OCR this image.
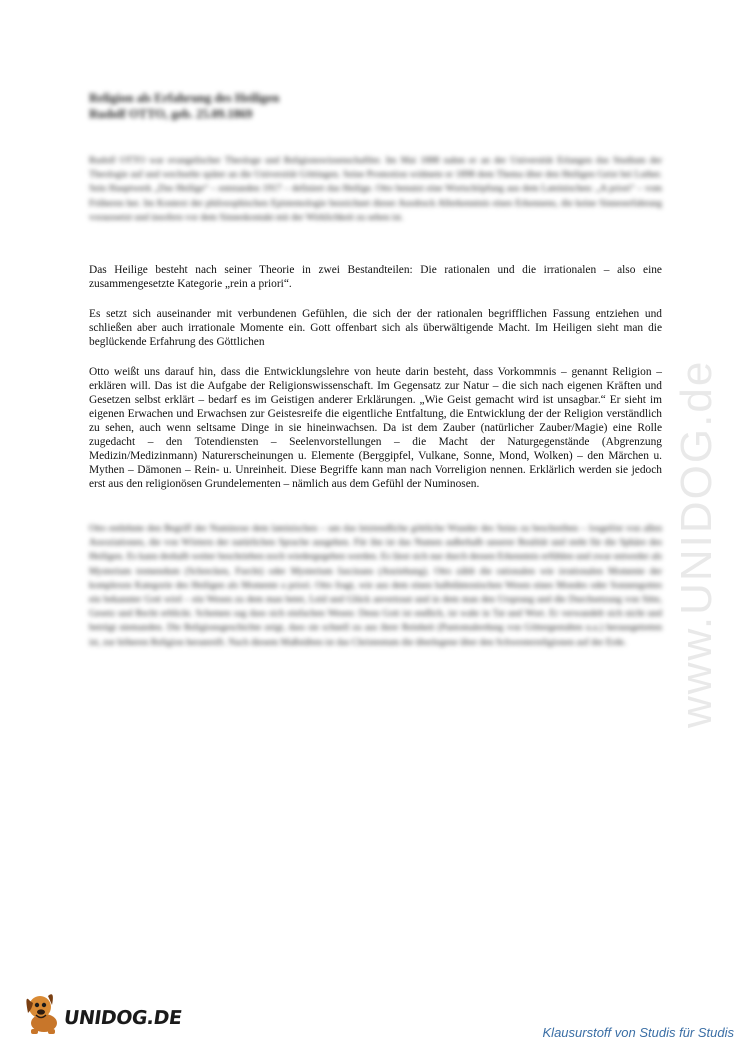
www.UNIDOG.de
Religion als Erfahrung des Heiligen
Rudolf OTTO, geb. 25.09.1869
Rudolf OTTO war evangelischer Theologe und Religionswissenschaftler. Im Mai 1888 nahm er an der Universität Erlangen das Studium der Theologie auf und wechselte später an die Universität Göttingen. Seine Promotion widmete er 1898 dem Thema über den Heiligen Geist bei Luther. Sein Hauptwerk „Das Heilige“ – entstanden 1917 – definiert das Heilige. Otto benutzt eine Wortschöpfung aus dem Lateinischen: „A priori“ – vom Früheren her. Im Kontext der philosophischen Epistemologie bezeichnet dieser Ausdruck Allerkenntnis eines Erkennens, die keine Sinneserfahrung voraussetzt und insofern vor dem Sinneskontakt mit der Wirklichkeit zu sehen ist.
Das Heilige besteht nach seiner Theorie in zwei Bestandteilen: Die rationalen und die irrationalen – also eine zusammengesetzte Kategorie „rein a priori“.
Es setzt sich auseinander mit verbundenen Gefühlen, die sich der der rationalen begrifflichen Fassung entziehen und schließen aber auch irrationale Momente ein. Gott offenbart sich als überwältigende Macht. Im Heiligen sieht man die beglückende Erfahrung des Göttlichen
Otto weißt uns darauf hin, dass die Entwicklungslehre von heute darin besteht, dass Vorkommnis – genannt Religion – erklären will. Das ist die Aufgabe der Religionswissenschaft. Im Gegensatz zur Natur – die sich nach eigenen Kräften und Gesetzen selbst erklärt – bedarf es im Geistigen anderer Erklärungen. „Wie Geist gemacht wird ist unsagbar.“ Er sieht im eigenen Erwachen und Erwachsen zur Geistesreife die eigentliche Entfaltung, die Entwicklung der der Religion verständlich zu sehen, auch wenn seltsame Dinge in sie hineinwachsen. Da ist dem Zauber (natürlicher Zauber/Magie) eine Rolle zugedacht – den Totendiensten – Seelenvorstellungen – die Macht der Naturgegenstände (Abgrenzung Medizin/Medizinmann) Naturerscheinungen u. Elemente (Berggipfel, Vulkane, Sonne, Mond, Wolken) – den Märchen u. Mythen – Dämonen – Rein- u. Unreinheit. Diese Begriffe kann man nach Vorreligion nennen. Erklärlich werden sie jedoch erst aus den religionösen Grundelementen – nämlich aus dem Gefühl der Numinosen.
Otto entlehnte den Begriff der Numinose dem lateinischen – um das letztendliche göttliche Wunder des Seins zu beschreiben – losgelöst von allen Assoziationen, die von Wörtern der natürlichen Sprache ausgehen. Für ihn ist das Numen außerhalb unserer Realität und steht für die Sphäre des Heiligen. Es kann deshalb weiter beschrieben noch wiedergegeben werden. Es lässt sich nur durch dessen Erkenntnis erfühlen und zwar entweder als Mysterium tremendum (Schrecken, Furcht) oder Mysterium fascinans (Anziehung). Otto zählt die rationalen wie irrationalen Momente der komplexen Kategorie des Heiligen als Momente a priori. Otto fragt, wie aus dem einen halbdämonischen Wesen eines Mondes oder Sonnengottes ein bekannter Gott wird – ein Wesen zu dem man betet, Leid und Glück anvertraut und in dem man den Ursprung und die Durchsetzung von Sitte, Gesetz und Recht erblickt. Schemen sag dass sich einfachen Wesen: Denn Gott ist endlich, ist wahr in Tat und Wort. Er verwandelt sich nicht und betrügt niemanden. Die Religionsgeschichte zeigt, dass sie schnell zu aus ihrer Reinheit (Pantomalerdung von Göttergestalten u.a.) herausgetreten ist, zur höheren Religion heranreift. Nach diesem Maßstäben ist das Christentum die überlegene über den Schwesterreligionen auf der Erde.
UNIDOG.DE
Klausurstoff von Studis für Studis
